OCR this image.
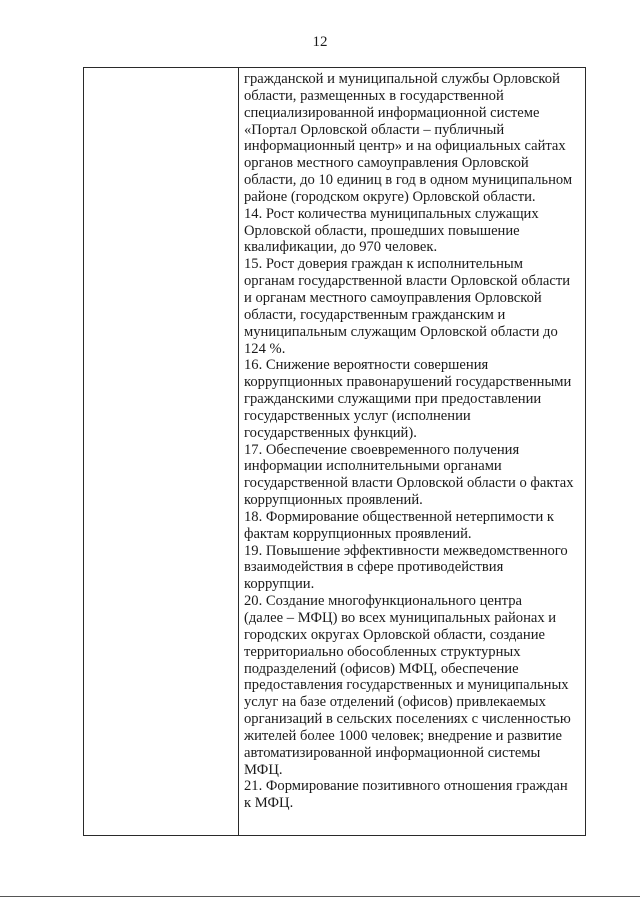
12
гражданской и муниципальной службы Орловской
области, размещенных в государственной
специализированной информационной системе
«Портал Орловской области – публичный
информационный центр» и на официальных сайтах
органов местного самоуправления Орловской
области, до 10 единиц в год в одном муниципальном
районе (городском округе) Орловской области.
14. Рост количества муниципальных служащих
Орловской области, прошедших повышение
квалификации, до 970 человек.
15. Рост доверия граждан к исполнительным
органам государственной власти Орловской области
и органам местного самоуправления Орловской
области, государственным гражданским и
муниципальным служащим Орловской области до
124 %.
16. Снижение вероятности совершения
коррупционных правонарушений государственными
гражданскими служащими при предоставлении
государственных услуг (исполнении
государственных функций).
17. Обеспечение своевременного получения
информации исполнительными органами
государственной власти Орловской области о фактах
коррупционных проявлений.
18. Формирование общественной нетерпимости к
фактам коррупционных проявлений.
19. Повышение эффективности межведомственного
взаимодействия в сфере противодействия
коррупции.
20. Создание многофункционального центра
(далее – МФЦ) во всех муниципальных районах и
городских округах Орловской области, создание
территориально обособленных структурных
подразделений (офисов) МФЦ, обеспечение
предоставления государственных и муниципальных
услуг на базе отделений (офисов) привлекаемых
организаций в сельских поселениях с численностью
жителей более 1000 человек; внедрение и развитие
автоматизированной информационной системы
МФЦ.
21. Формирование позитивного отношения граждан
к МФЦ.
